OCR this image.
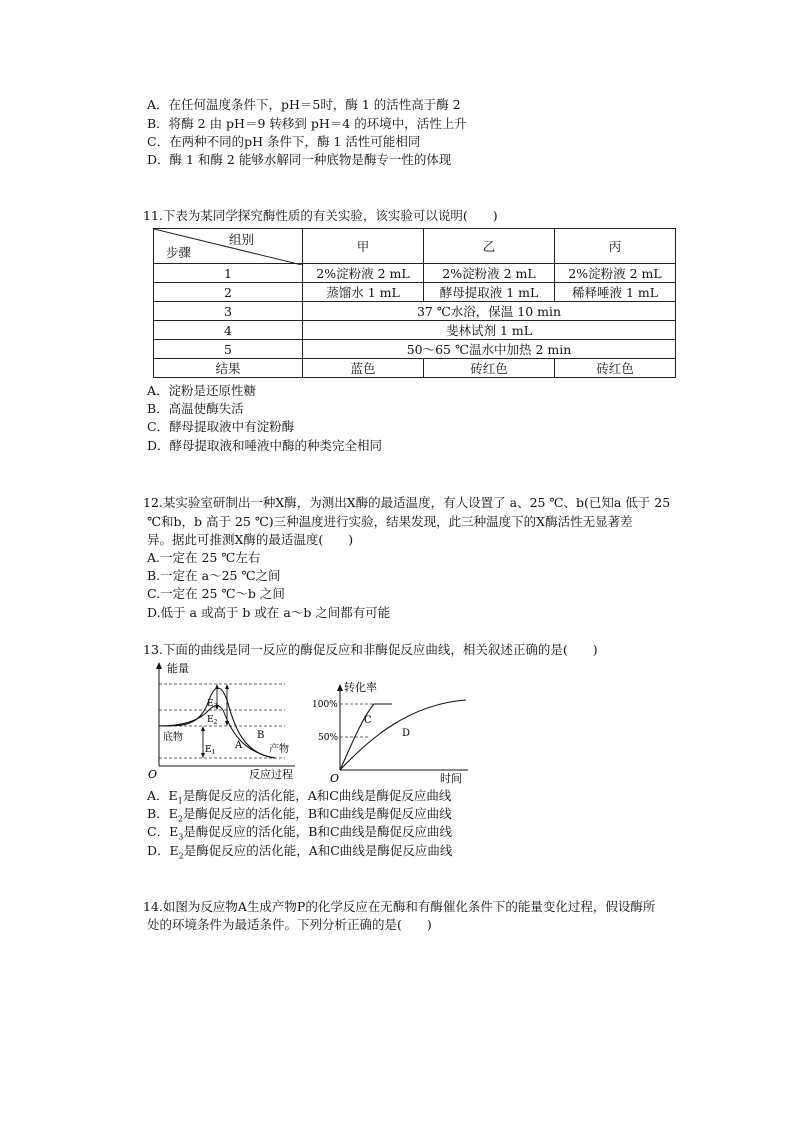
A．在任何温度条件下，pH＝5时，酶 1 的活性高于酶 2
B．将酶 2 由 pH＝9 转移到 pH＝4 的环境中，活性上升
C．在两种不同的pH 条件下，酶 1 活性可能相同
D．酶 1 和酶 2 能够水解同一种底物是酶专一性的体现
11.下表为某同学探究酶性质的有关实验，该实验可以说明(　　)
组别
步骤	甲	乙	丙
1	2%淀粉液 2 mL	2%淀粉液 2 mL	2%淀粉液 2 mL
2	蒸馏水 1 mL	酵母提取液 1 mL	稀释唾液 1 mL
3	37 ℃水浴，保温 10 min		
4	斐林试剂 1 mL		
5	50～65 ℃温水中加热 2 min		
结果	蓝色	砖红色	砖红色
A．淀粉是还原性糖
B．高温使酶失活
C．酵母提取液中有淀粉酶
D．酵母提取液和唾液中酶的种类完全相同
12.某实验室研制出一种X酶，为测出X酶的最适温度，有人设置了 a、25 ℃、b(已知a 低于 25
℃和b，b 高于 25 ℃)三种温度进行实验，结果发现，此三种温度下的X酶活性无显著差
异。据此可推测X酶的最适温度(　　)
A.一定在 25 ℃左右
B.一定在 a～25 ℃之间
C.一定在 25 ℃～b 之间
D.低于 a 或高于 b 或在 a～b 之间都有可能
13.下面的曲线是同一反应的酶促反应和非酶促反应曲线，相关叙述正确的是(　　)
能量
反应过程
O
底物
产物
$E_3$
$E_2$
$E_1$
A
B
转化率
时间
O
100%
50%
C
D
A．$E_1$是酶促反应的活化能，A和C曲线是酶促反应曲线
B．$E_2$是酶促反应的活化能，B和C曲线是酶促反应曲线
C．$E_3$是酶促反应的活化能，B和C曲线是酶促反应曲线
D．$E_2$是酶促反应的活化能，A和C曲线是酶促反应曲线
14.如图为反应物A生成产物P的化学反应在无酶和有酶催化条件下的能量变化过程，假设酶所
处的环境条件为最适条件。下列分析正确的是(　　)
